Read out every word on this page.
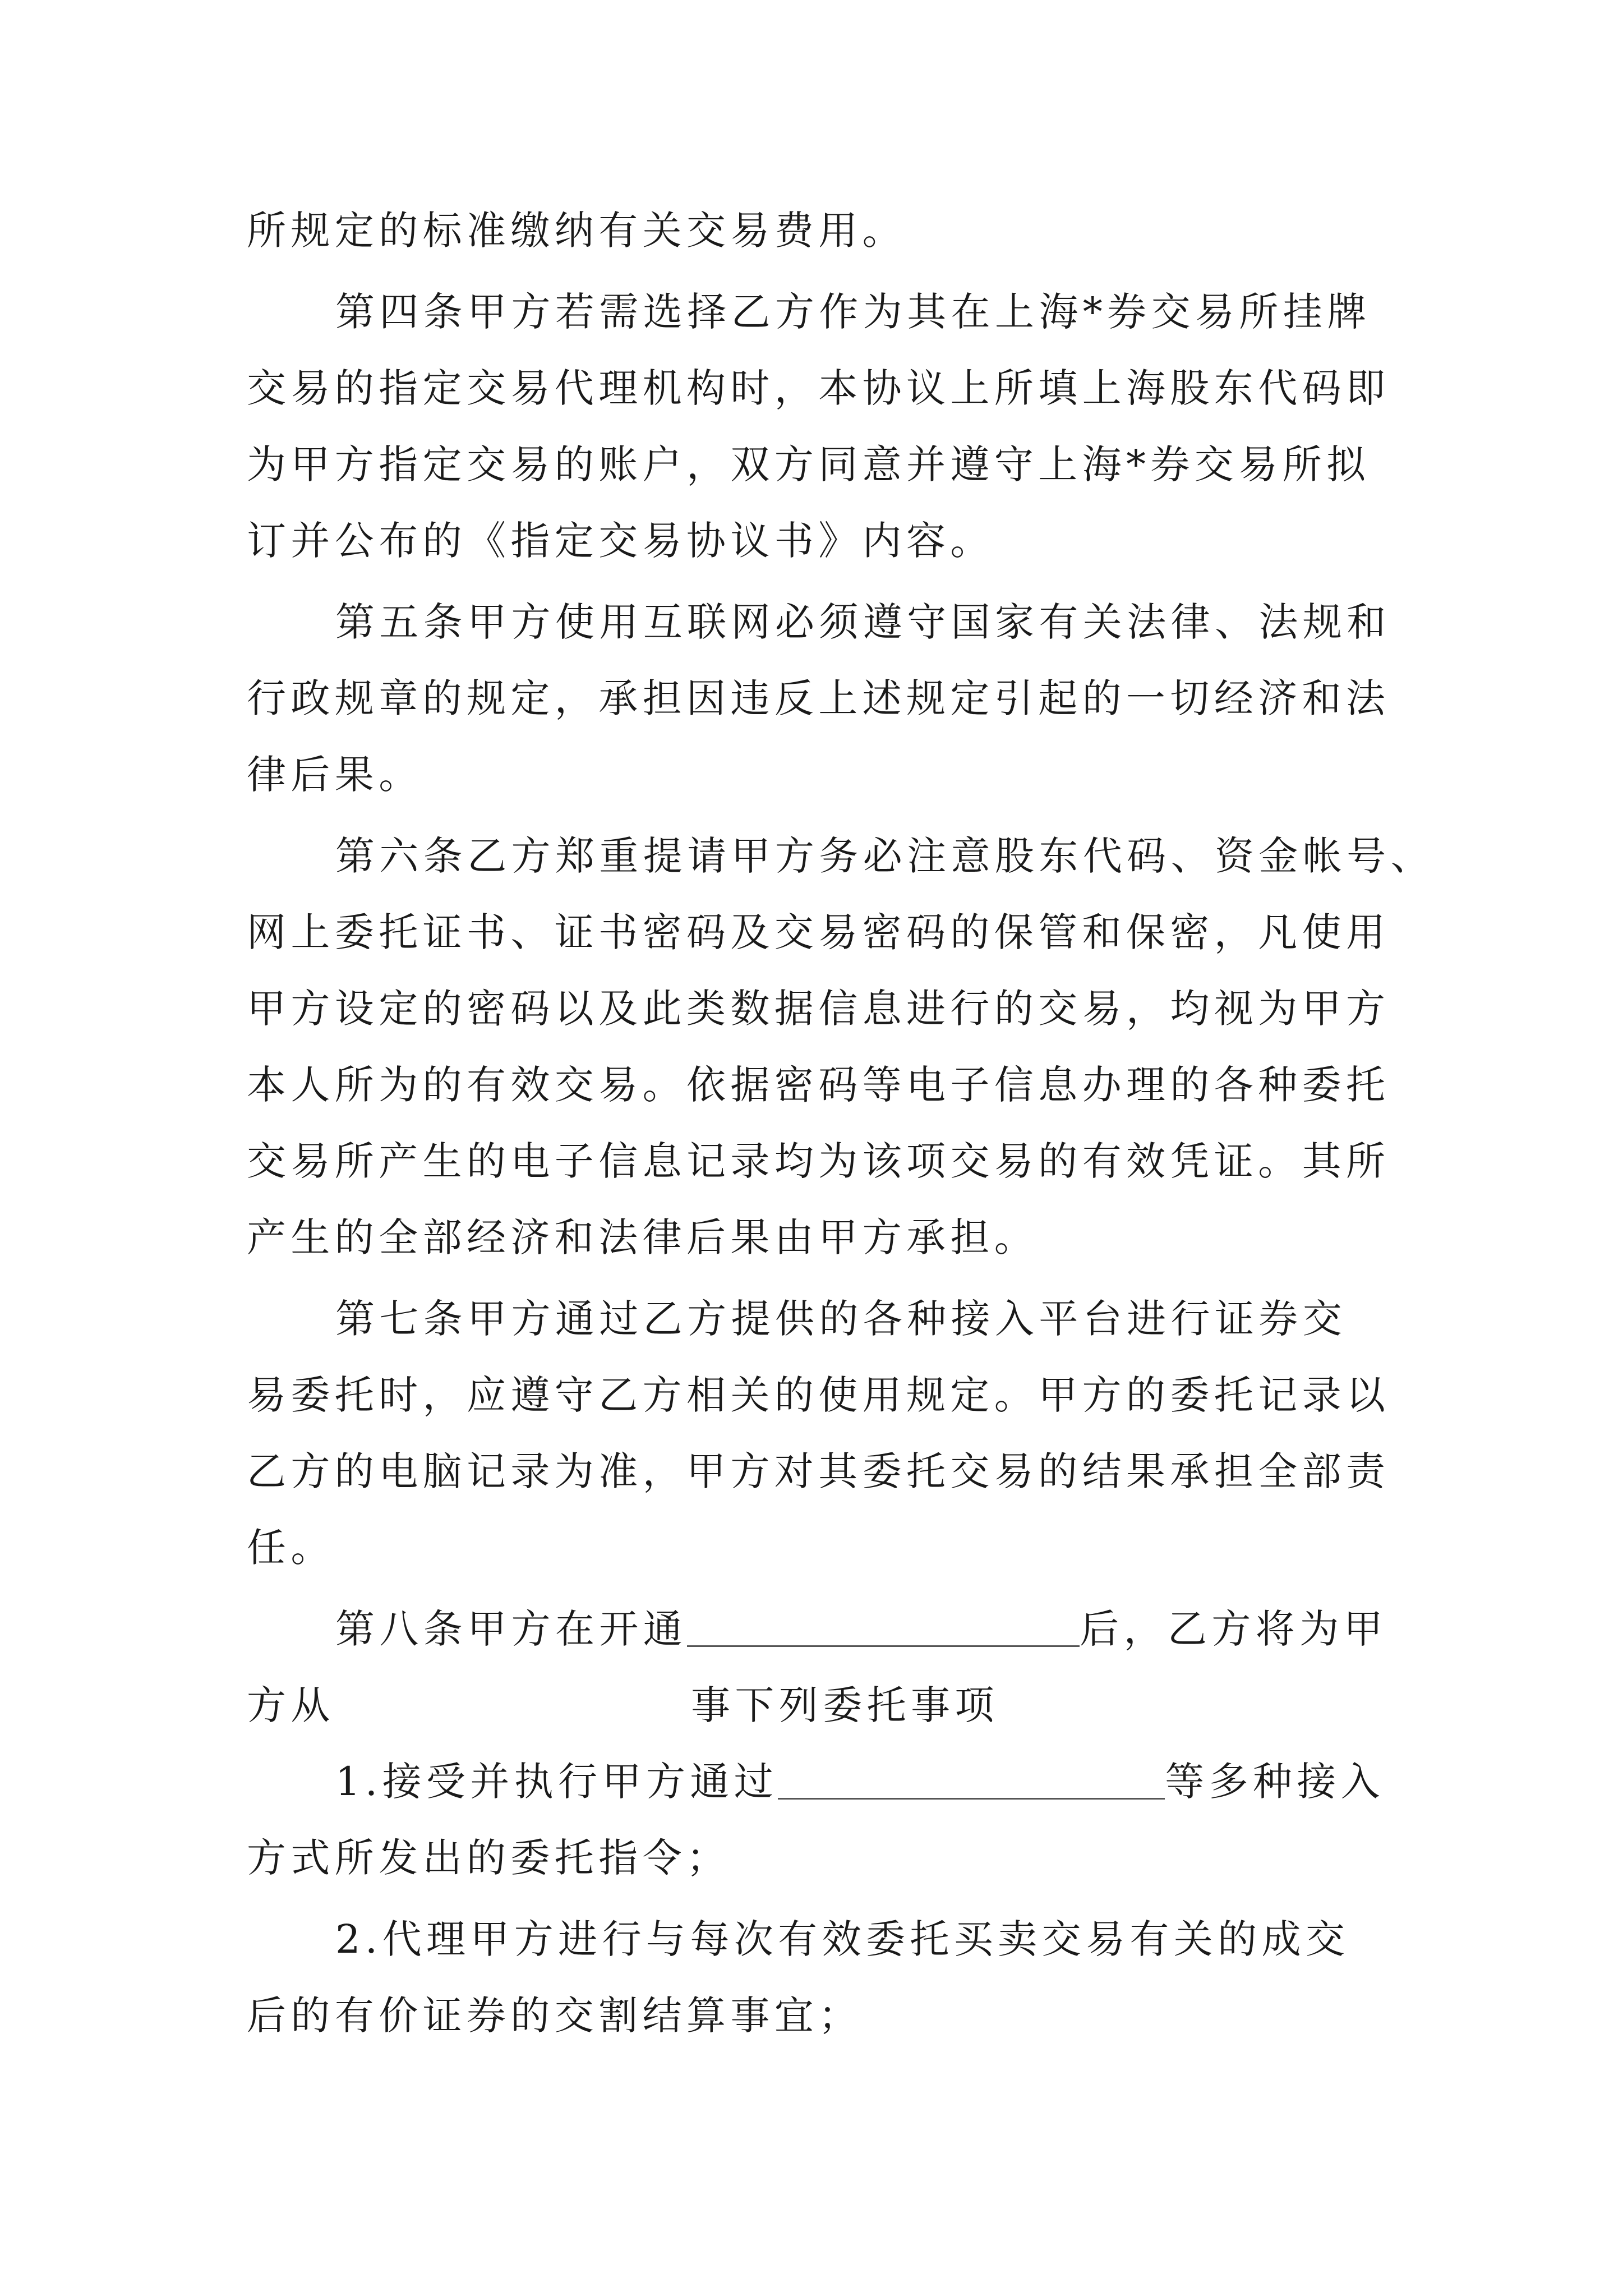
所规定的标准缴纳有关交易费用。
第四条甲方若需选择乙方作为其在上海*券交易所挂牌
交易的指定交易代理机构时，本协议上所填上海股东代码即
为甲方指定交易的账户，双方同意并遵守上海*券交易所拟
订并公布的《指定交易协议书》内容。
第五条甲方使用互联网必须遵守国家有关法律、法规和
行政规章的规定，承担因违反上述规定引起的一切经济和法
律后果。
第六条乙方郑重提请甲方务必注意股东代码、资金帐号、
网上委托证书、证书密码及交易密码的保管和保密，凡使用
甲方设定的密码以及此类数据信息进行的交易，均视为甲方
本人所为的有效交易。依据密码等电子信息办理的各种委托
交易所产生的电子信息记录均为该项交易的有效凭证。其所
产生的全部经济和法律后果由甲方承担。
第七条甲方通过乙方提供的各种接入平台进行证券交
易委托时，应遵守乙方相关的使用规定。甲方的委托记录以
乙方的电脑记录为准，甲方对其委托交易的结果承担全部责
任。
第八条甲方在开通	后，乙方将为甲
方从	事下列委托事项
1.接受并执行甲方通过	等多种接入
方式所发出的委托指令；
2.代理甲方进行与每次有效委托买卖交易有关的成交
后的有价证券的交割结算事宜；
